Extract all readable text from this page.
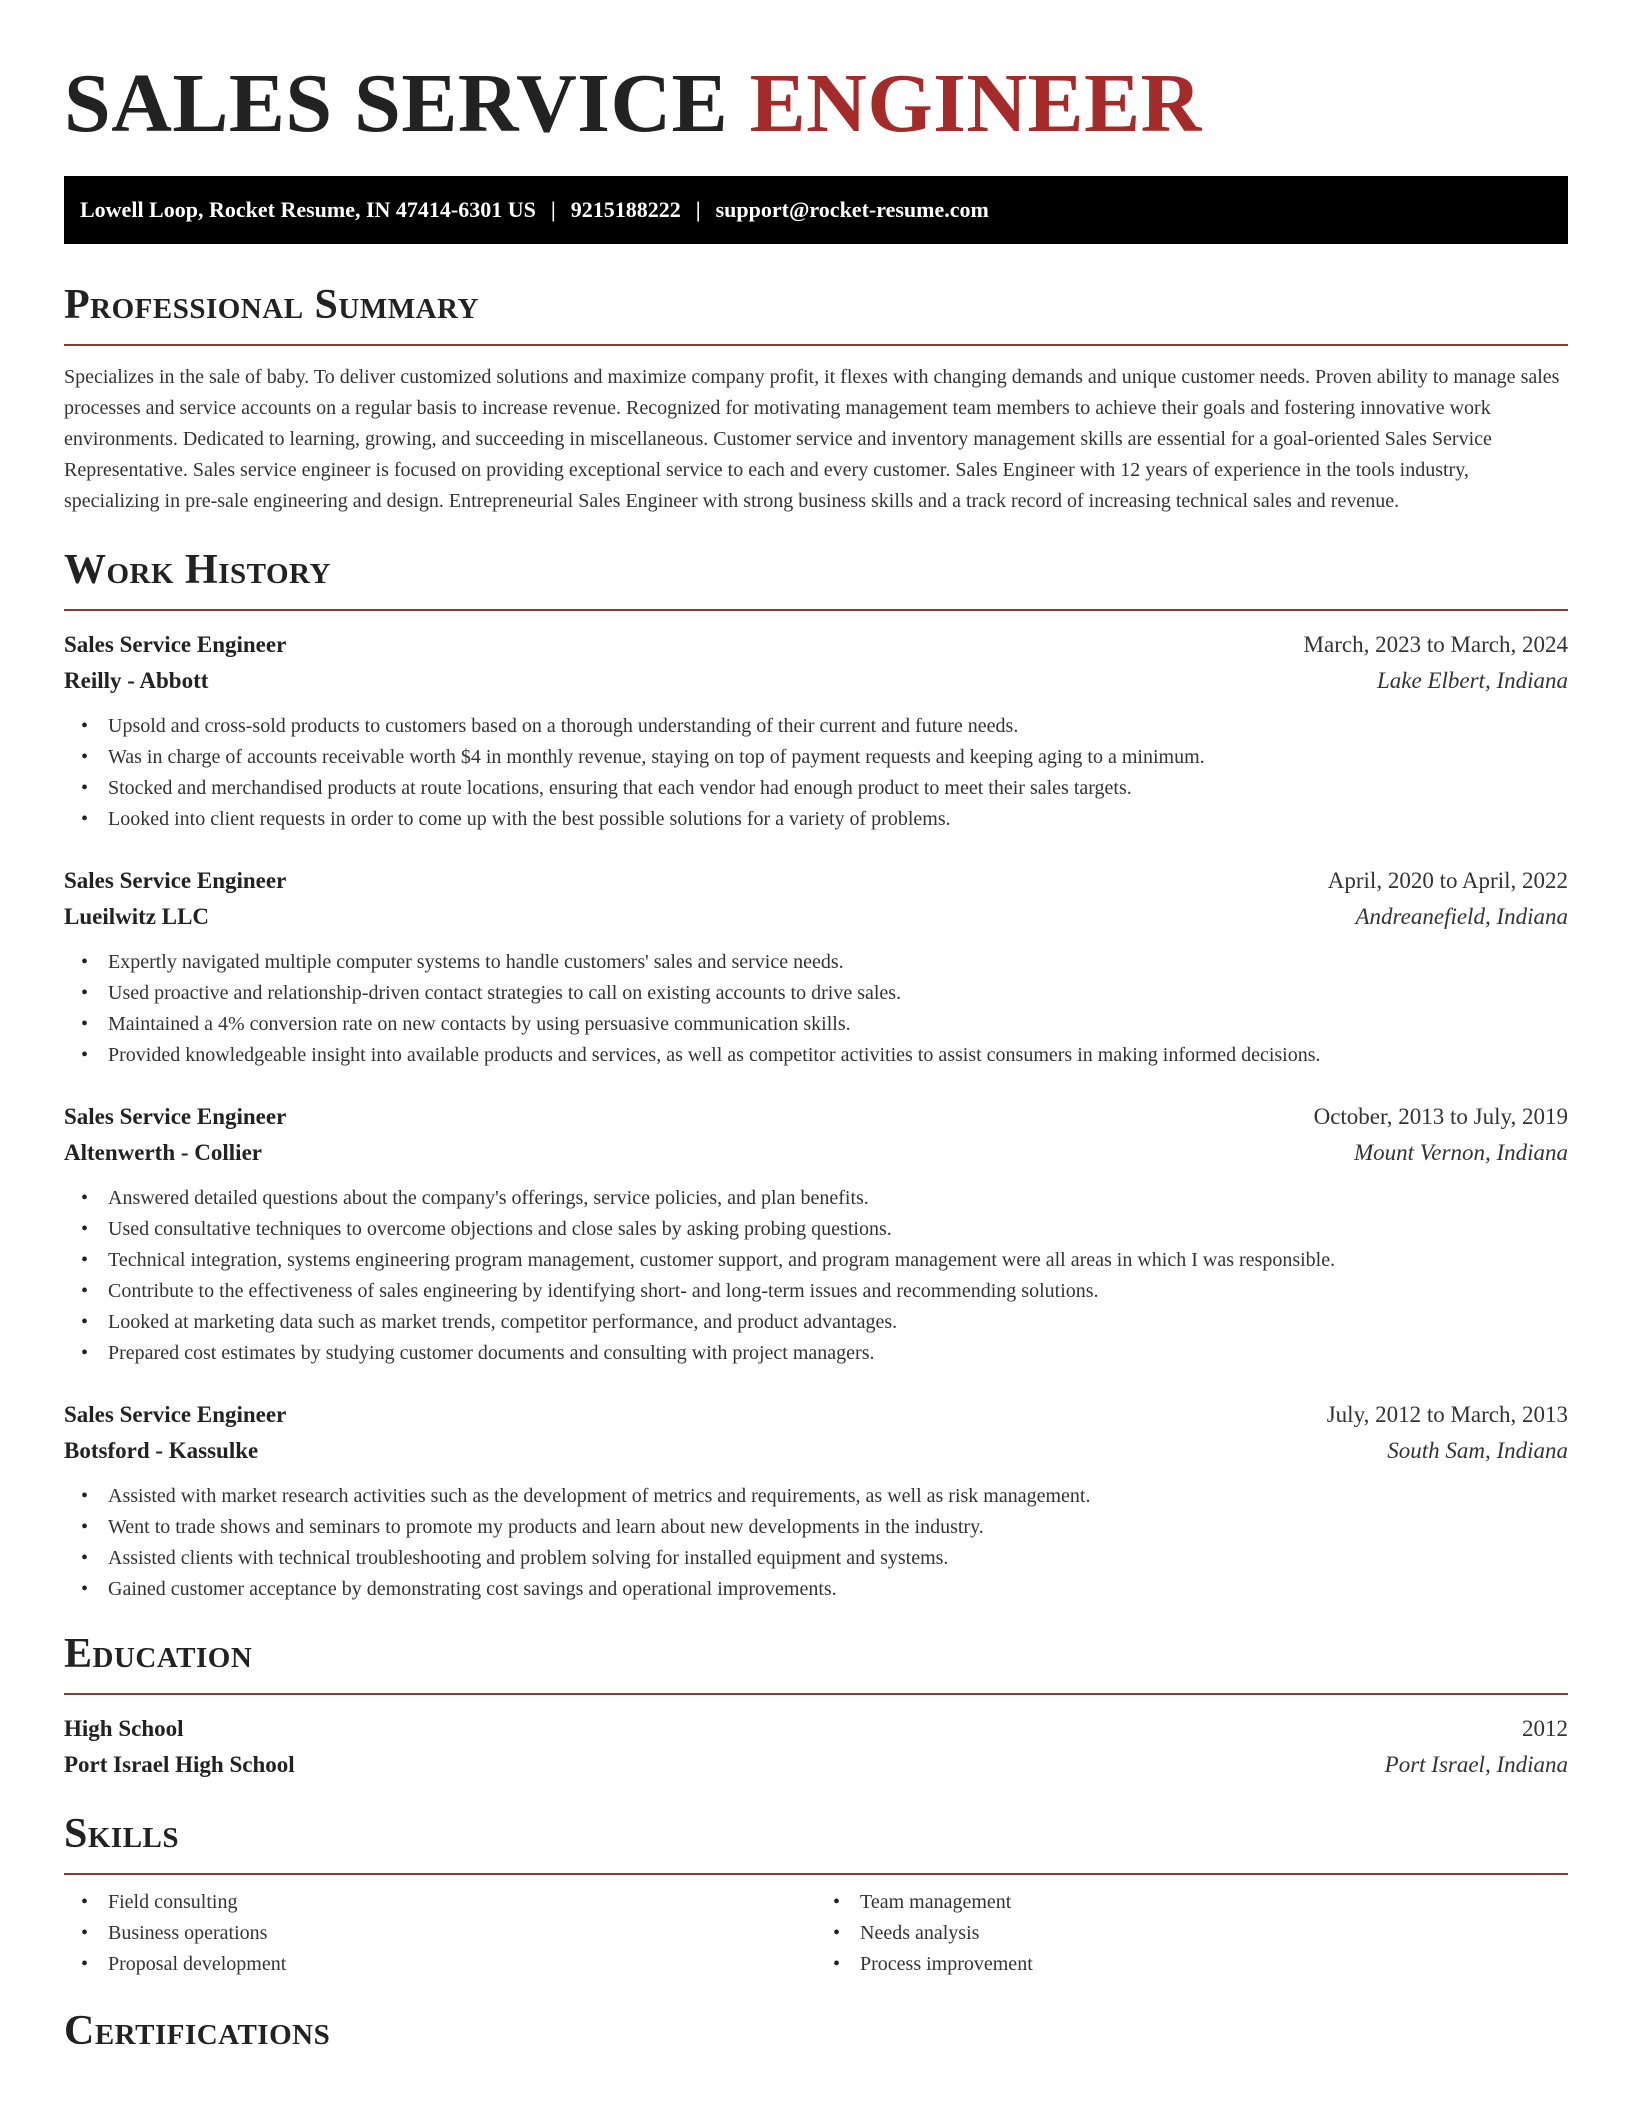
SALES SERVICE ENGINEER
Lowell Loop, Rocket Resume, IN 47414-6301 US | 9215188222 | support@rocket-resume.com
Professional Summary

Specializes in the sale of baby. To deliver customized solutions and maximize company profit, it flexes with changing demands and unique customer needs. Proven ability to manage sales processes and service accounts on a regular basis to increase revenue. Recognized for motivating management team members to achieve their goals and fostering innovative work environments. Dedicated to learning, growing, and succeeding in miscellaneous. Customer service and inventory management skills are essential for a goal-oriented Sales Service Representative. Sales service engineer is focused on providing exceptional service to each and every customer. Sales Engineer with 12 years of experience in the tools industry, specializing in pre-sale engineering and design. Entrepreneurial Sales Engineer with strong business skills and a track record of increasing technical sales and revenue.

Work History
Sales Service Engineer	March, 2023 to March, 2024
Reilly - Abbott	Lake Elbert, Indiana
• Upsold and cross-sold products to customers based on a thorough understanding of their current and future needs.
• Was in charge of accounts receivable worth $4 in monthly revenue, staying on top of payment requests and keeping aging to a minimum.
• Stocked and merchandised products at route locations, ensuring that each vendor had enough product to meet their sales targets.
• Looked into client requests in order to come up with the best possible solutions for a variety of problems.
Sales Service Engineer	April, 2020 to April, 2022
Lueilwitz LLC	Andreanefield, Indiana
• Expertly navigated multiple computer systems to handle customers' sales and service needs.
• Used proactive and relationship-driven contact strategies to call on existing accounts to drive sales.
• Maintained a 4% conversion rate on new contacts by using persuasive communication skills.
• Provided knowledgeable insight into available products and services, as well as competitor activities to assist consumers in making informed decisions.
Sales Service Engineer	October, 2013 to July, 2019
Altenwerth - Collier	Mount Vernon, Indiana
• Answered detailed questions about the company's offerings, service policies, and plan benefits.
• Used consultative techniques to overcome objections and close sales by asking probing questions.
• Technical integration, systems engineering program management, customer support, and program management were all areas in which I was responsible.
• Contribute to the effectiveness of sales engineering by identifying short- and long-term issues and recommending solutions.
• Looked at marketing data such as market trends, competitor performance, and product advantages.
• Prepared cost estimates by studying customer documents and consulting with project managers.
Sales Service Engineer	July, 2012 to March, 2013
Botsford - Kassulke	South Sam, Indiana
• Assisted with market research activities such as the development of metrics and requirements, as well as risk management.
• Went to trade shows and seminars to promote my products and learn about new developments in the industry.
• Assisted clients with technical troubleshooting and problem solving for installed equipment and systems.
• Gained customer acceptance by demonstrating cost savings and operational improvements.
Education
High School	2012
Port Israel High School	Port Israel, Indiana
Skills
• Field consulting
• Business operations
• Proposal development
• Team management
• Needs analysis
• Process improvement
Certifications
